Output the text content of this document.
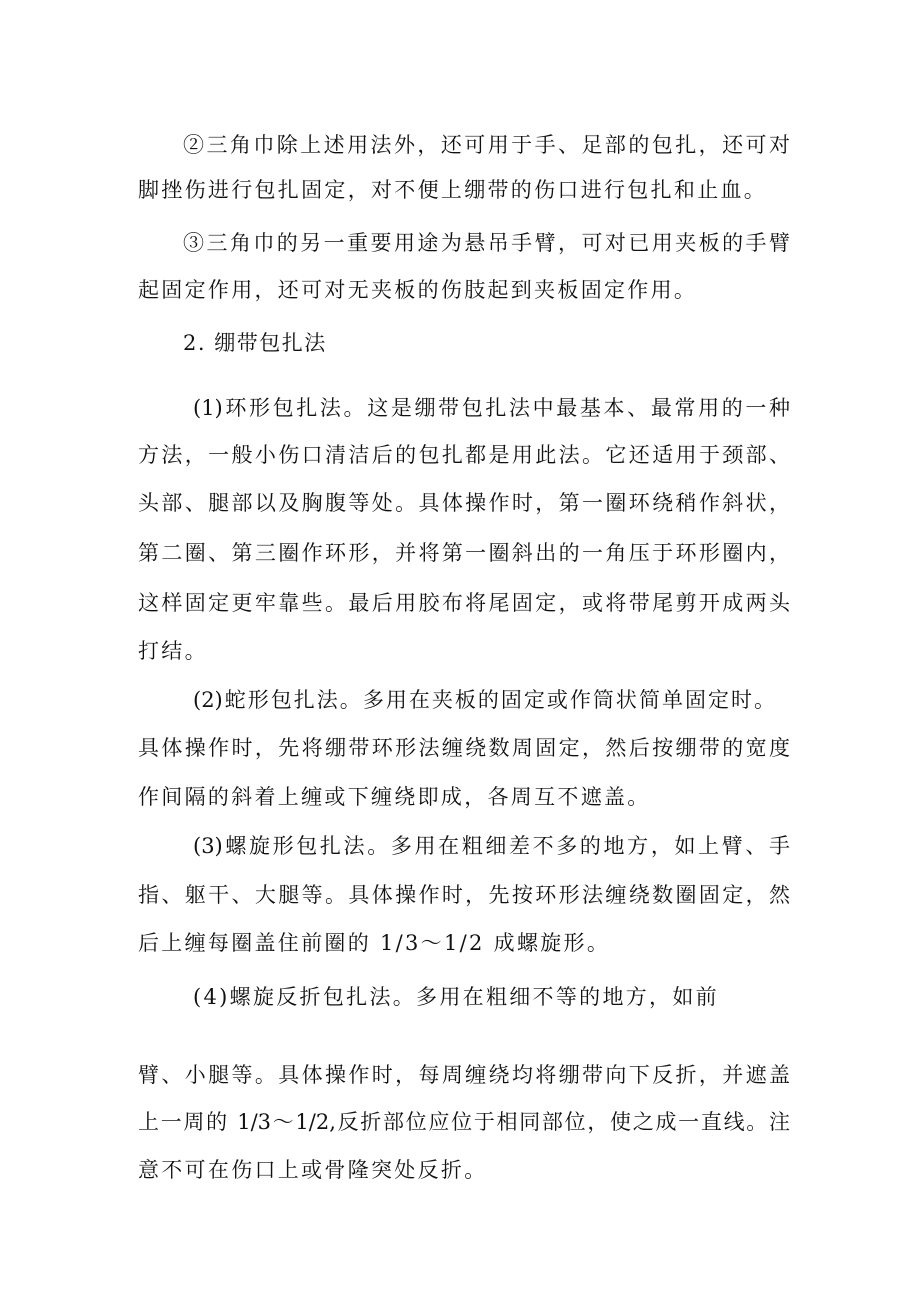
②三角巾除上述用法外，还可用于手、足部的包扎，还可对
脚挫伤进行包扎固定，对不便上绷带的伤口进行包扎和止血。
③三角巾的另一重要用途为悬吊手臂，可对已用夹板的手臂
起固定作用，还可对无夹板的伤肢起到夹板固定作用。
2. 绷带包扎法
(1)环形包扎法。这是绷带包扎法中最基本、最常用的一种
方法，一般小伤口清洁后的包扎都是用此法。它还适用于颈部、
头部、腿部以及胸腹等处。具体操作时，第一圈环绕稍作斜状，
第二圈、第三圈作环形，并将第一圈斜出的一角压于环形圈内，
这样固定更牢靠些。最后用胶布将尾固定，或将带尾剪开成两头
打结。
(2)蛇形包扎法。多用在夹板的固定或作筒状简单固定时。
具体操作时，先将绷带环形法缠绕数周固定，然后按绷带的宽度
作间隔的斜着上缠或下缠绕即成，各周互不遮盖。
(3)螺旋形包扎法。多用在粗细差不多的地方，如上臂、手
指、躯干、大腿等。具体操作时，先按环形法缠绕数圈固定，然
后上缠每圈盖住前圈的 1/3～1/2 成螺旋形。
(4)螺旋反折包扎法。多用在粗细不等的地方，如前
臂、小腿等。具体操作时，每周缠绕均将绷带向下反折，并遮盖
上一周的 1/3～1/2,反折部位应位于相同部位，使之成一直线。注
意不可在伤口上或骨隆突处反折。
